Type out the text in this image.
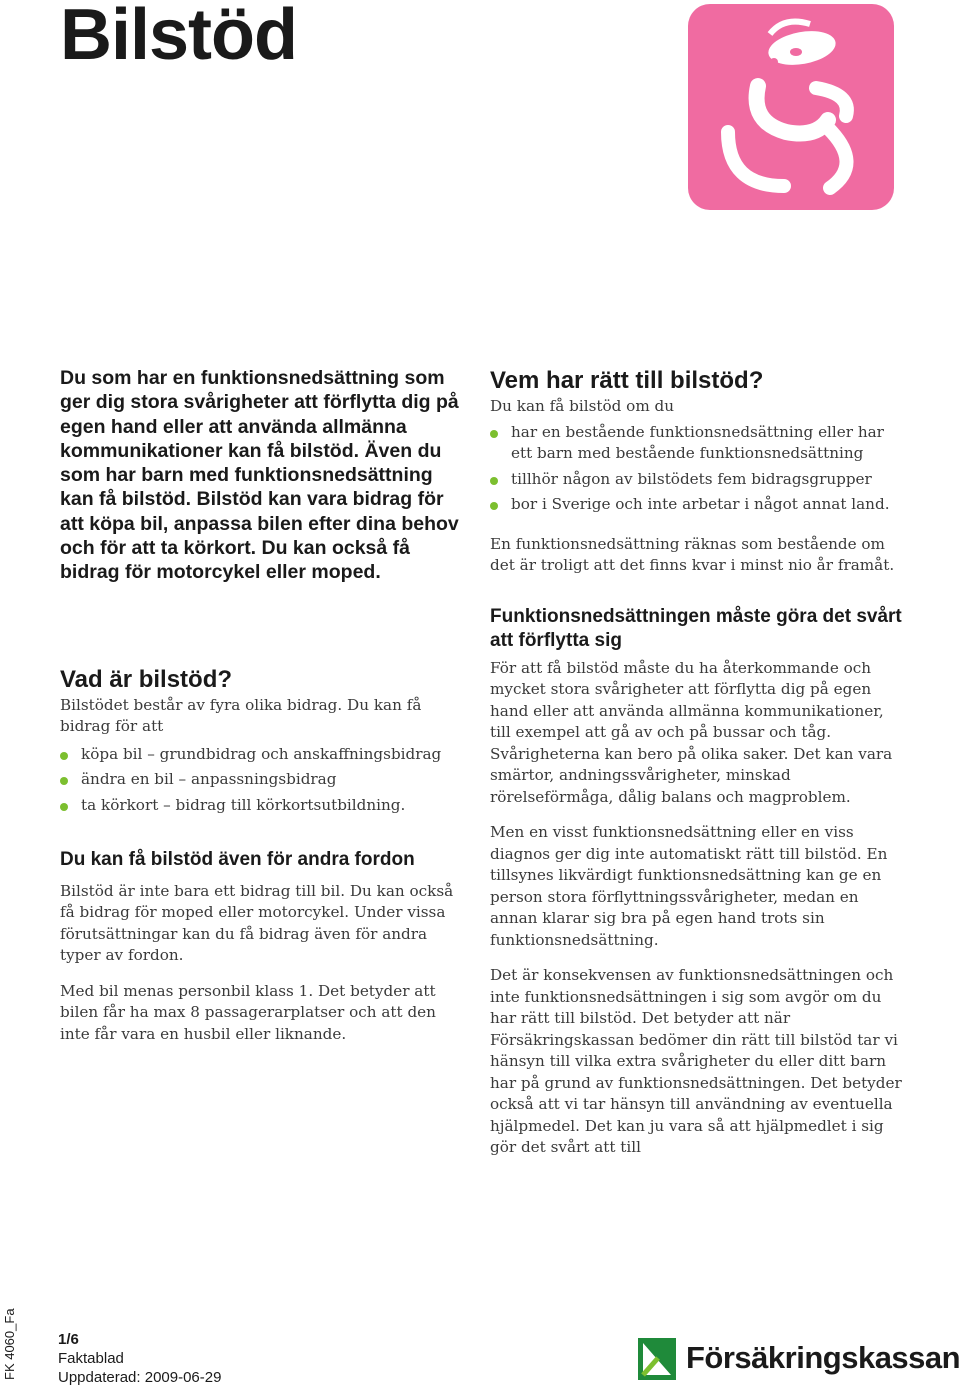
Bilstöd

Du som har en funktionsnedsättning som ger dig stora svårigheter att förflytta dig på egen hand eller att använda allmänna kommunikationer kan få bilstöd. Även du som har barn med funktionsnedsättning kan få bilstöd. Bilstöd kan vara bidrag för att köpa bil, anpassa bilen efter dina behov och för att ta körkort. Du kan också få bidrag för motorcykel eller moped.

Vad är bilstöd?

Bilstödet består av fyra olika bidrag. Du kan få bidrag för att

köpa bil – grundbidrag och anskaffningsbidrag
ändra en bil – anpassningsbidrag
ta körkort – bidrag till körkortsutbildning.
Du kan få bilstöd även för andra fordon

Bilstöd är inte bara ett bidrag till bil. Du kan också få bidrag för moped eller motorcykel. Under vissa förutsättningar kan du få bidrag även för andra typer av fordon.

Med bil menas personbil klass 1. Det betyder att bilen får ha max 8 passagerarplatser och att den inte får vara en husbil eller liknande.

Vem har rätt till bilstöd?

Du kan få bilstöd om du

har en bestående funktionsnedsättning eller har ett barn med bestående funktionsnedsättning
tillhör någon av bilstödets fem bidragsgrupper
bor i Sverige och inte arbetar i något annat land.

En funktionsnedsättning räknas som bestående om det är troligt att det finns kvar i minst nio år framåt.

Funktionsnedsättningen måste göra det svårt att förflytta sig

För att få bilstöd måste du ha återkommande och mycket stora svårigheter att förflytta dig på egen hand eller att använda allmänna kommunikationer, till exempel att gå av och på bussar och tåg. Svårigheterna kan bero på olika saker. Det kan vara smärtor, andningssvårigheter, minskad rörelseförmåga, dålig balans och magproblem.

Men en visst funktionsnedsättning eller en viss diagnos ger dig inte automatiskt rätt till bilstöd. En tillsynes likvärdigt funktionsnedsättning kan ge en person stora förflyttningssvårigheter, medan en annan klarar sig bra på egen hand trots sin funktionsnedsättning.

Det är konsekvensen av funktionsnedsättningen och inte funktionsnedsättningen i sig som avgör om du har rätt till bilstöd. Det betyder att när Försäkringskassan bedömer din rätt till bilstöd tar vi hänsyn till vilka extra svårigheter du eller ditt barn har på grund av funktionsnedsättningen. Det betyder också att vi tar hänsyn till användning av eventuella hjälpmedel. Det kan ju vara så att hjälpmedlet i sig gör det svårt att till

FK 4060_Fa	1/6
Faktablad
Uppdaterad: 2009-06-29
Försäkringskassan
